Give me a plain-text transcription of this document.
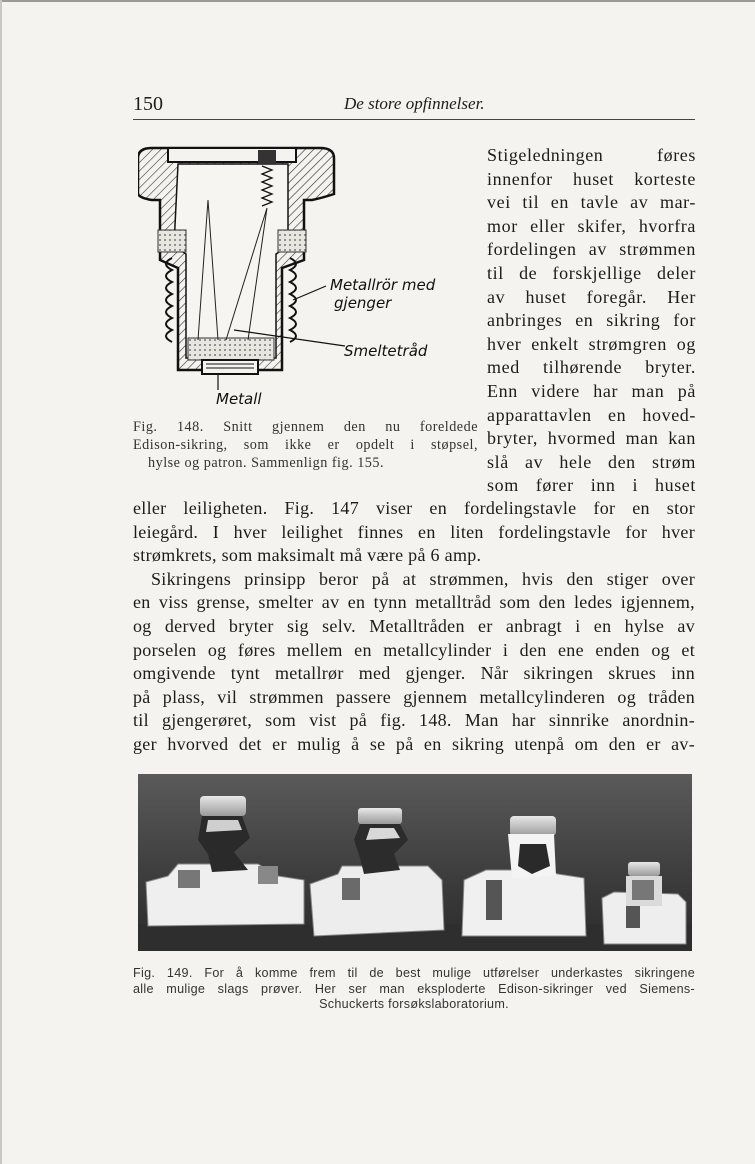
150	De store opfinnelser.
Metallrör med
gjenger
Smeltetråd
Metall
Fig. 148. Snitt gjennem den nu foreldede
Edison-sikring, som ikke er opdelt i støpsel,
hylse og patron. Sammenlign fig. 155.
Stigeledningen føres
innenfor huset korteste
vei til en tavle av mar-
mor eller skifer, hvorfra
fordelingen av strømmen
til de forskjellige deler
av huset foregår. Her
anbringes en sikring for
hver enkelt strømgren og
med tilhørende bryter.
Enn videre har man på
apparattavlen en hoved-
bryter, hvormed man kan
slå av hele den strøm
som fører inn i huset
eller leiligheten. Fig. 147 viser en fordelingstavle for en stor
leiegård. I hver leilighet finnes en liten fordelingstavle for hver
strømkrets, som maksimalt må være på 6 amp.
Sikringens prinsipp beror på at strømmen, hvis den stiger over
en viss grense, smelter av en tynn metalltråd som den ledes igjennem,
og derved bryter sig selv. Metalltråden er anbragt i en hylse av
porselen og føres mellem en metallcylinder i den ene enden og et
omgivende tynt metallrør med gjenger. Når sikringen skrues inn
på plass, vil strømmen passere gjennem metallcylinderen og tråden
til gjengerøret, som vist på fig. 148. Man har sinnrike anordnin-
ger hvorved det er mulig å se på en sikring utenpå om den er av-
Fig. 149. For å komme frem til de best mulige utførelser underkastes sikringene
alle mulige slags prøver. Her ser man eksploderte Edison-sikringer ved Siemens-
Schuckerts forsøkslaboratorium.
